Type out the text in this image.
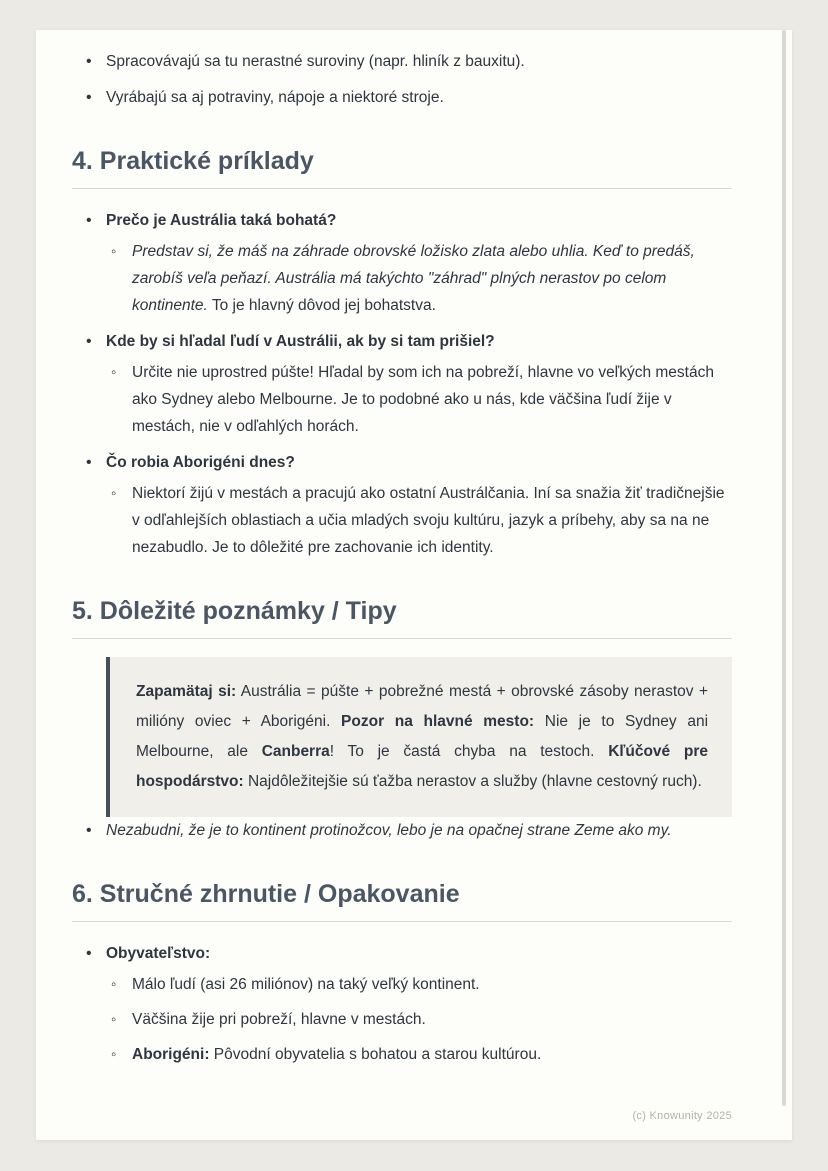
• Spracovávajú sa tu nerastné suroviny (napr. hliník z bauxitu).
• Vyrábajú sa aj potraviny, nápoje a niektoré stroje.
4. Praktické príklady
• Prečo je Austrália taká bohatá?
◦ Predstav si, že máš na záhrade obrovské ložisko zlata alebo uhlia. Keď to predáš, zarobíš veľa peňazí. Austrália má takýchto "záhrad" plných nerastov po celom kontinente. To je hlavný dôvod jej bohatstva.
• Kde by si hľadal ľudí v Austrálii, ak by si tam prišiel?
◦ Určite nie uprostred púšte! Hľadal by som ich na pobreží, hlavne vo veľkých mestách ako Sydney alebo Melbourne. Je to podobné ako u nás, kde väčšina ľudí žije v mestách, nie v odľahlých horách.
• Čo robia Aborigéni dnes?
◦ Niektorí žijú v mestách a pracujú ako ostatní Austrálčania. Iní sa snažia žiť tradičnejšie v odľahlejších oblastiach a učia mladých svoju kultúru, jazyk a príbehy, aby sa na ne nezabudlo. Je to dôležité pre zachovanie ich identity.
5. Dôležité poznámky / Tipy
Zapamätaj si: Austrália = púšte + pobrežné mestá + obrovské zásoby nerastov + milióny oviec + Aborigéni. Pozor na hlavné mesto: Nie je to Sydney ani Melbourne, ale Canberra! To je častá chyba na testoch. Kľúčové pre hospodárstvo: Najdôležitejšie sú ťažba nerastov a služby (hlavne cestovný ruch).
• Nezabudni, že je to kontinent protinožcov, lebo je na opačnej strane Zeme ako my.
6. Stručné zhrnutie / Opakovanie
• Obyvateľstvo:
◦ Málo ľudí (asi 26 miliónov) na taký veľký kontinent.
◦ Väčšina žije pri pobreží, hlavne v mestách.
◦ Aborigéni: Pôvodní obyvatelia s bohatou a starou kultúrou.
(c) Knowunity 2025
